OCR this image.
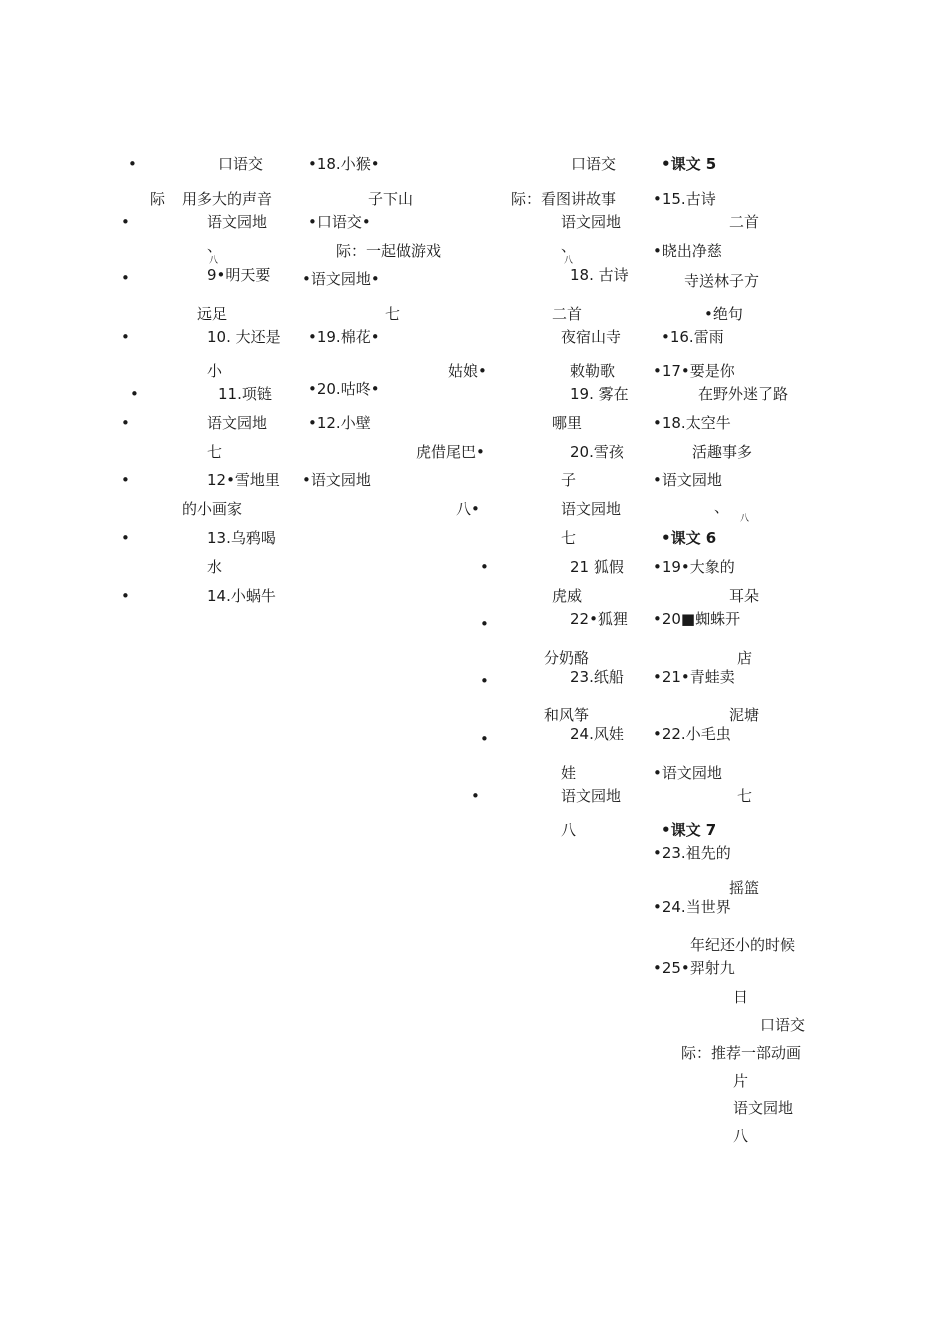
•
•
•
•
•
•
•
•
•
口语交
际 用多大的声音
语文园地
、
八
9•明天要
远足
10. 大还是
小
11.项链
语文园地
七
12•雪地里
的小画家
13.乌鸦喝
水
14.小蜗牛
•18.小猴•
子下山
•口语交•
际：一起做游戏
•语文园地•
七
•19.棉花•
姑娘•
•20.咕咚•
•12.小壁
虎借尾巴•
•语文园地
八•
•
•
•
•
•
口语交
际：看图讲故事
语文园地
、
八
18. 古诗
二首
夜宿山寺
敕勒歌
19. 雾在
哪里
20.雪孩
子
语文园地
七
21 狐假
虎威
22•狐狸
分奶酪
23.纸船
和风筝
24.风娃
娃
语文园地
八
•课文 5
•15.古诗
二首
•晓出净慈
寺送林子方
•绝句
•16.雷雨
•17•要是你
在野外迷了路
•18.太空牛
活趣事多
•语文园地
、
八
•课文 6
•19•大象的
耳朵
•20■蜘蛛开
店
•21•青蛙卖
泥塘
•22.小毛虫
•语文园地
七
•课文 7
•23.祖先的
摇篮
•24.当世界
年纪还小的时候
•25•羿射九
日
口语交
际：推荐一部动画
片
语文园地
八
